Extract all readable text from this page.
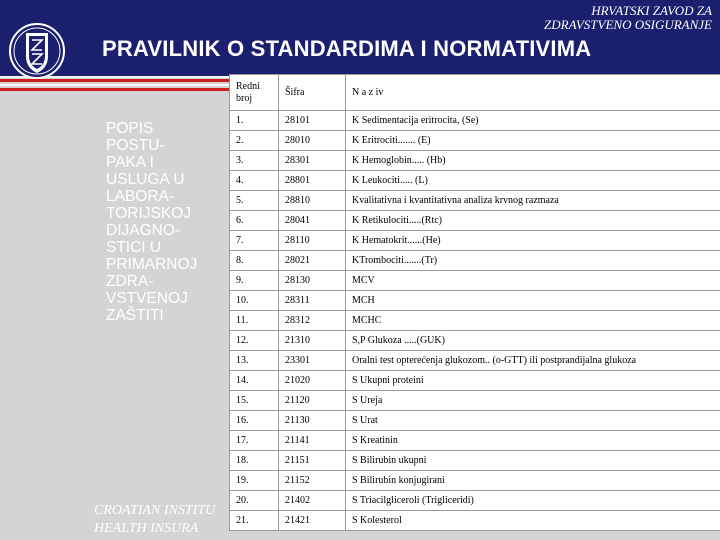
HRVATSKI ZAVOD ZA
ZDRAVSTVENO OSIGURANJE
PRAVILNIK O STANDARDIMA I NORMATIVIMA
POPIS
POSTU-
PAKA I
USLUGA U
LABORA-
TORIJSKOJ
DIJAGNO-
STICI U
PRIMARNOJ
ZDRA-
VSTVENOJ
ZAŠTITI
CROATIAN INSTITU
HEALTH INSURA
Redni broj	Šifra	N a z iv
1.	28101	K Sedimentacija eritrocita, (Se)
2.	28010	K Eritrociti....... (E)
3.	28301	K Hemoglobin..... (Hb)
4.	28801	K Leukociti..... (L)
5.	28810	Kvalitativna i kvantitativna analiza krvnog razmaza
6.	28041	K Retikulociti.....(Rtc)
7.	28110	K Hematokrit......(He)
8.	28021	KTrombociti.......(Tr)
9.	28130	MCV
10.	28311	MCH
11.	28312	MCHC
12.	21310	S,P Glukoza .....(GUK)
13.	23301	Oralni test opterećenja glukozom.. (o-GTT) ili postprandijalna glukoza
14.	21020	S Ukupni proteini
15.	21120	S Ureja
16.	21130	S Urat
17.	21141	S Kreatinin
18.	21151	S Bilirubin ukupni
19.	21152	S Bilirubin konjugirani
20.	21402	S Triacilgliceroli (Trigliceridi)
21.	21421	S Kolesterol
